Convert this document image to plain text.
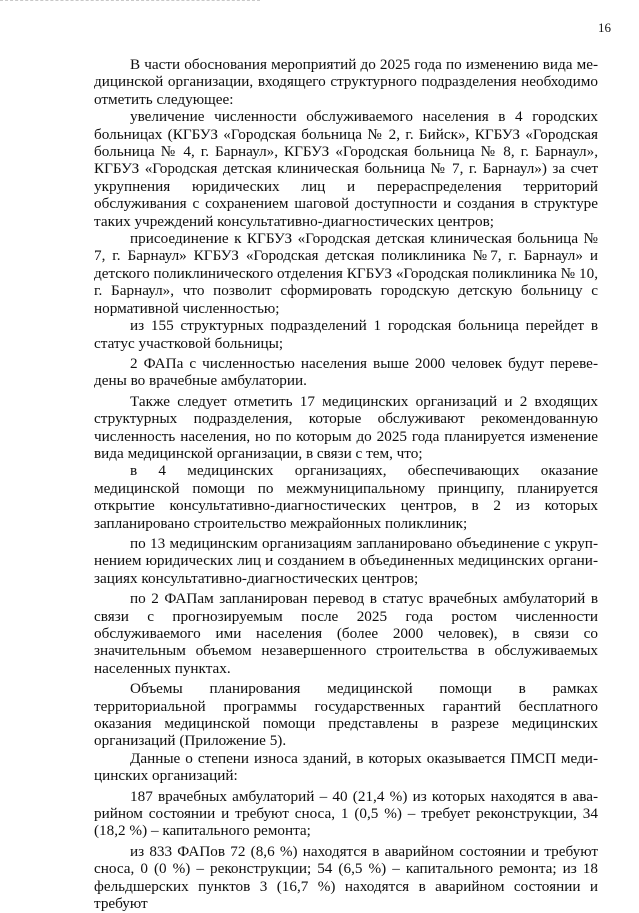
16

В части обоснования мероприятий до 2025 года по изменению вида медицинской организации, входящего структурного подразделения необходимо отметить следующее:

увеличение численности обслуживаемого населения в 4 городских больницах (КГБУЗ «Городская больница № 2, г. Бийск», КГБУЗ «Городская больница № 4, г. Барнаул», КГБУЗ «Городская больница № 8, г. Барнаул», КГБУЗ «Городская детская клиническая больница № 7, г. Барнаул») за счет укрупнения юридических лиц и перераспределения территорий обслуживания с сохранением шаговой доступности и создания в структуре таких учреждений консультативно-диагностических центров;

присоединение к КГБУЗ «Городская детская клиническая больница № 7, г. Барнаул» КГБУЗ «Городская детская поликлиника №7, г. Барнаул» и детского поликлинического отделения КГБУЗ «Городская поликлиника № 10, г. Барнаул», что позволит сформировать городскую детскую больницу с нормативной численностью;

из 155 структурных подразделений 1 городская больница перейдет в статус участковой больницы;

2 ФАПа с численностью населения выше 2000 человек будут переведены во врачебные амбулатории.

Также следует отметить 17 медицинских организаций и 2 входящих структурных подразделения, которые обслуживают рекомендованную численность населения, но по которым до 2025 года планируется изменение вида медицинской организации, в связи с тем, что;

в 4 медицинских организациях, обеспечивающих оказание медицинской помощи по межмуниципальному принципу, планируется открытие консультативно-диагностических центров, в 2 из которых запланировано строительство межрайонных поликлиник;

по 13 медицинским организациям запланировано объединение с укрупнением юридических лиц и созданием в объединенных медицинских организациях консультативно-диагностических центров;

по 2 ФАПам запланирован перевод в статус врачебных амбулаторий в связи с прогнозируемым после 2025 года ростом численности обслуживаемого ими населения (более 2000 человек), в связи со значительным объемом незавершенного строительства в обслуживаемых населенных пунктах.

Объемы планирования медицинской помощи в рамках территориальной программы государственных гарантий бесплатного оказания медицинской помощи представлены в разрезе медицинских организаций (Приложение 5).

Данные о степени износа зданий, в которых оказывается ПМСП медицинских организаций:

187 врачебных амбулаторий – 40 (21,4 %) из которых находятся в аварийном состоянии и требуют сноса, 1 (0,5 %) – требует реконструкции, 34 (18,2 %) – капитального ремонта;

из 833 ФАПов 72 (8,6 %) находятся в аварийном состоянии и требуют сноса, 0 (0 %) – реконструкции; 54 (6,5 %) – капитального ремонта; из 18 фельдшерских пунктов 3 (16,7 %) находятся в аварийном состоянии и требуют
